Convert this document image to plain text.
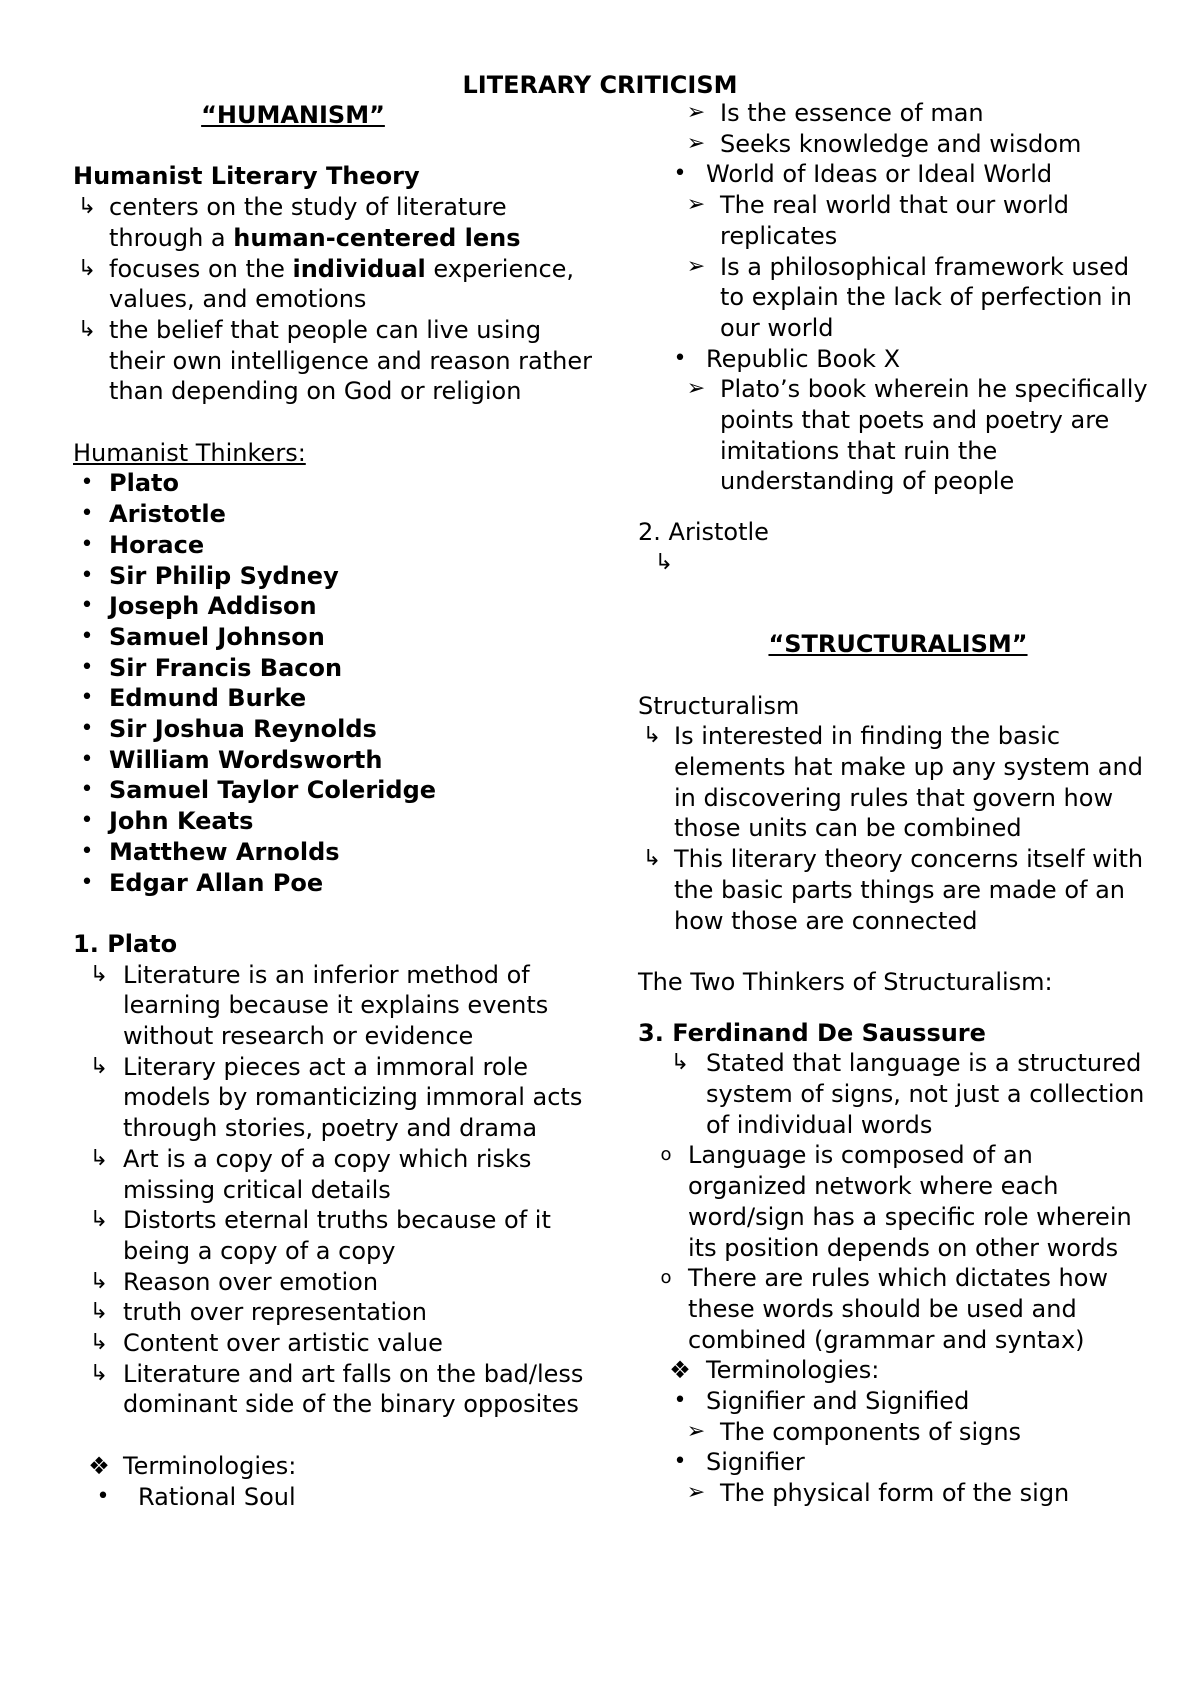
LITERARY CRITICISM
“HUMANISM”
Humanist Literary Theory
↳ centers on the study of literature through a human-centered lens
↳ focuses on the individual experience, values, and emotions
↳ the belief that people can live using their own intelligence and reason rather than depending on God or religion
Humanist Thinkers:
• Plato
• Aristotle
• Horace
• Sir Philip Sydney
• Joseph Addison
• Samuel Johnson
• Sir Francis Bacon
• Edmund Burke
• Sir Joshua Reynolds
• William Wordsworth
• Samuel Taylor Coleridge
• John Keats
• Matthew Arnolds
• Edgar Allan Poe
1. Plato
↳ Literature is an inferior method of learning because it explains events without research or evidence
↳ Literary pieces act a immoral role models by romanticizing immoral acts through stories, poetry and drama
↳ Art is a copy of a copy which risks missing critical details
↳ Distorts eternal truths because of it being a copy of a copy
↳ Reason over emotion
↳ truth over representation
↳ Content over artistic value
↳ Literature and art falls on the bad/less dominant side of the binary opposites
❖ Terminologies:
•	Rational Soul
➢ Is the essence of man
➢ Seeks knowledge and wisdom
• World of Ideas or Ideal World
➢ The real world that our world replicates
➢ Is a philosophical framework used to explain the lack of perfection in our world
• Republic Book X
➢ Plato’s book wherein he specifically points that poets and poetry are imitations that ruin the understanding of people
2. Aristotle
↳
“STRUCTURALISM”
Structuralism
↳ Is interested in finding the basic elements hat make up any system and in discovering rules that govern how those units can be combined
↳ This literary theory concerns itself with the basic parts things are made of an how those are connected
The Two Thinkers of Structuralism:
3. Ferdinand De Saussure
↳ Stated that language is a structured system of signs, not just a collection of individual words
o Language is composed of an organized network where each word/sign has a specific role wherein its position depends on other words
o There are rules which dictates how these words should be used and combined (grammar and syntax)
❖ Terminologies:
• Signifier and Signified
➢ The components of signs
• Signifier
➢ The physical form of the sign
